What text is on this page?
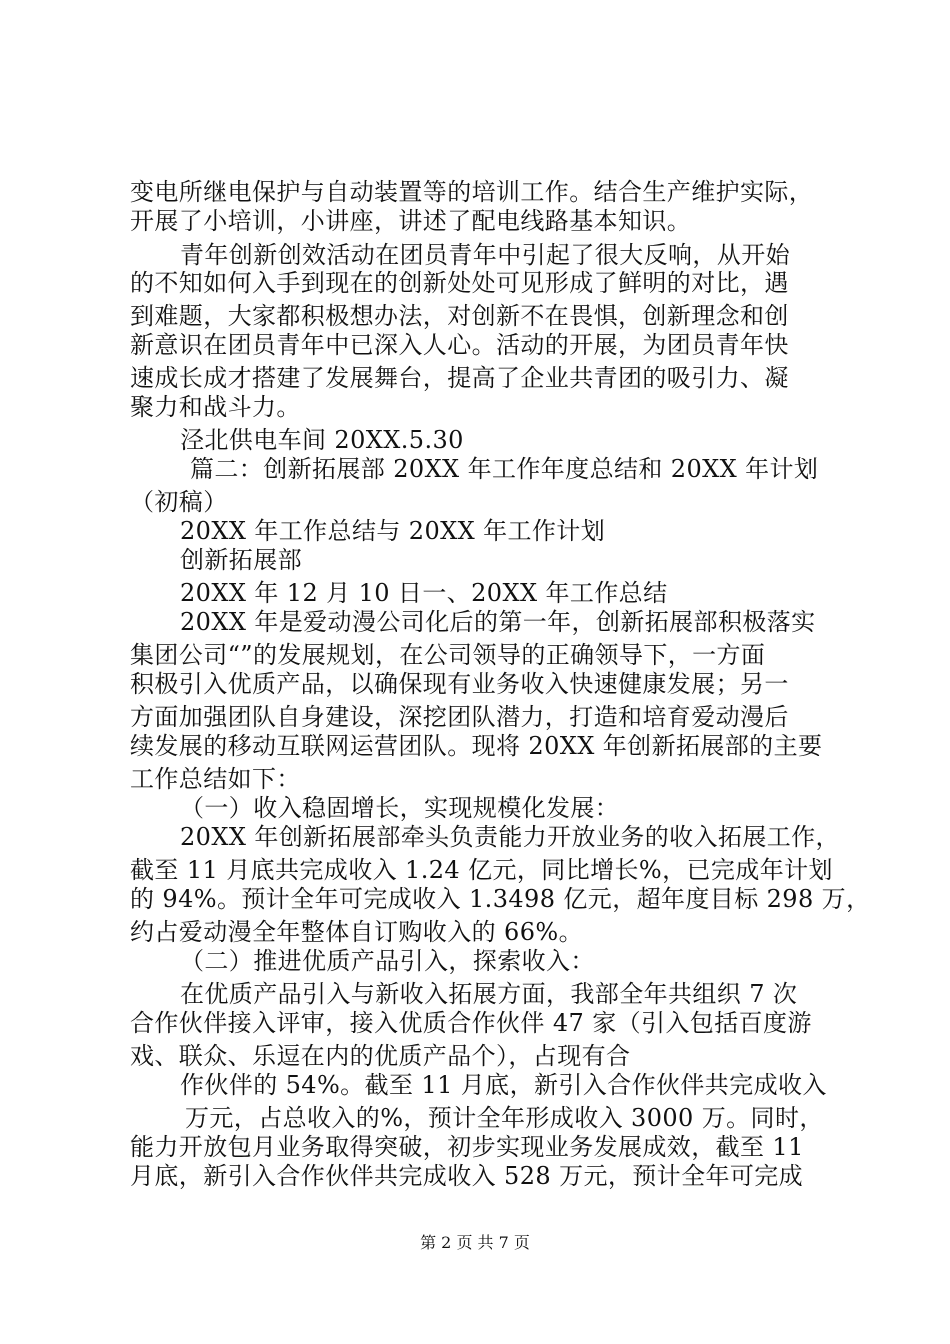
变电所继电保护与自动装置等的培训工作。结合生产维护实际，
开展了小培训，小讲座，讲述了配电线路基本知识。
青年创新创效活动在团员青年中引起了很大反响，从开始
的不知如何入手到现在的创新处处可见形成了鲜明的对比，遇
到难题，大家都积极想办法，对创新不在畏惧，创新理念和创
新意识在团员青年中已深入人心。活动的开展，为团员青年快
速成长成才搭建了发展舞台，提高了企业共青团的吸引力、凝
聚力和战斗力。
泾北供电车间 20XX.5.30
篇二：创新拓展部 20XX 年工作年度总结和 20XX 年计划
（初稿）
20XX 年工作总结与 20XX 年工作计划
创新拓展部
20XX 年 12 月 10 日一、20XX 年工作总结
20XX 年是爱动漫公司化后的第一年，创新拓展部积极落实
集团公司“”的发展规划，在公司领导的正确领导下，一方面
积极引入优质产品，以确保现有业务收入快速健康发展；另一
方面加强团队自身建设，深挖团队潜力，打造和培育爱动漫后
续发展的移动互联网运营团队。现将 20XX 年创新拓展部的主要
工作总结如下：
（一）收入稳固增长，实现规模化发展：
20XX 年创新拓展部牵头负责能力开放业务的收入拓展工作，
截至 11 月底共完成收入 1.24 亿元，同比增长%，已完成年计划
的 94%。预计全年可完成收入 1.3498 亿元，超年度目标 298 万，
约占爱动漫全年整体自订购收入的 66%。
（二）推进优质产品引入，探索收入：
在优质产品引入与新收入拓展方面，我部全年共组织 7 次
合作伙伴接入评审，接入优质合作伙伴 47 家（引入包括百度游
戏、联众、乐逗在内的优质产品个），占现有合
作伙伴的 54%。截至 11 月底，新引入合作伙伴共完成收入
万元，占总收入的%，预计全年形成收入 3000 万。同时，
能力开放包月业务取得突破，初步实现业务发展成效，截至 11
月底，新引入合作伙伴共完成收入 528 万元，预计全年可完成
第 2 页 共 7 页
